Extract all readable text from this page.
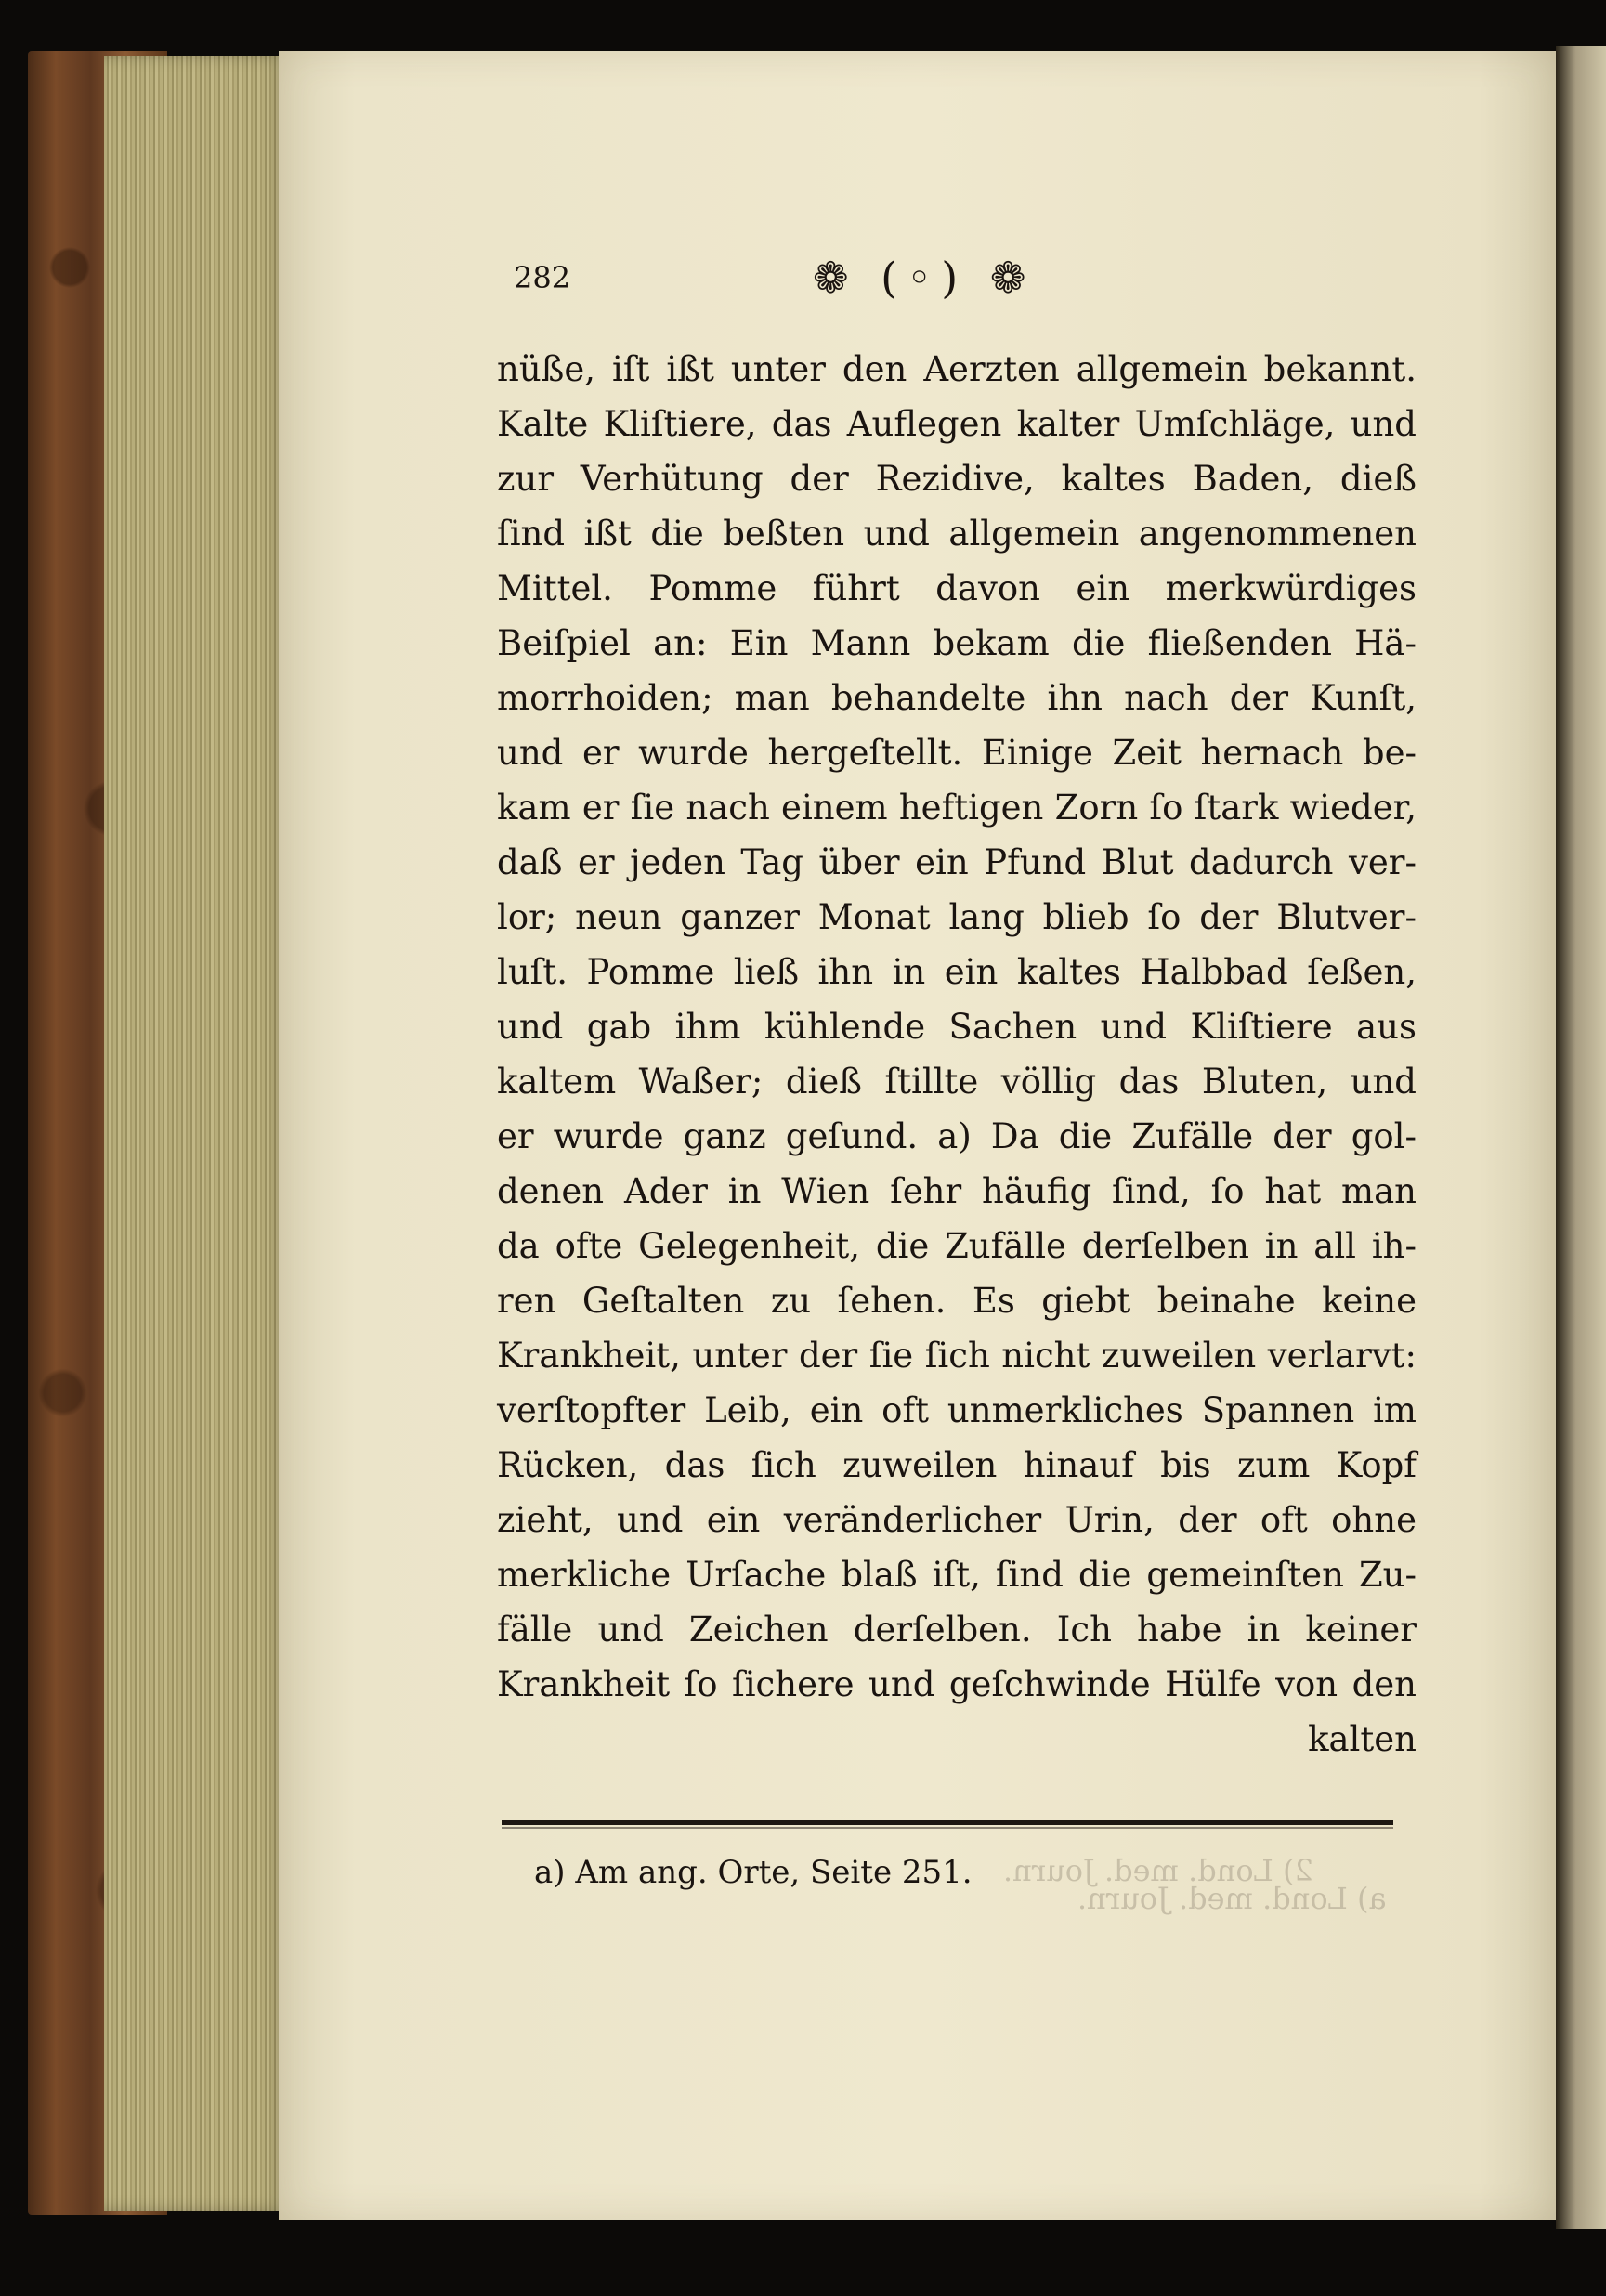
2) Lond. med. Journ.
a) Lond. med. Journ.
282	❁ (◦) ❁
nüße, iſt ißt unter den Aerzten allgemein bekannt.
Kalte Kliſtiere, das Auflegen kalter Umſchläge, und
zur Verhütung der Rezidive, kaltes Baden, dieß
ſind ißt die beßten und allgemein angenommenen
Mittel. Pomme führt davon ein merkwürdiges
Beiſpiel an: Ein Mann bekam die fließenden Hä-
morrhoiden; man behandelte ihn nach der Kunſt,
und er wurde hergeſtellt. Einige Zeit hernach be-
kam er ſie nach einem heftigen Zorn ſo ſtark wieder,
daß er jeden Tag über ein Pfund Blut dadurch ver-
lor; neun ganzer Monat lang blieb ſo der Blutver-
luſt. Pomme ließ ihn in ein kaltes Halbbad ſeßen,
und gab ihm kühlende Sachen und Kliſtiere aus
kaltem Waßer; dieß ſtillte völlig das Bluten, und
er wurde ganz geſund. a) Da die Zufälle der gol-
denen Ader in Wien ſehr häufig ſind, ſo hat man
da ofte Gelegenheit, die Zufälle derſelben in all ih-
ren Geſtalten zu ſehen. Es giebt beinahe keine
Krankheit, unter der ſie ſich nicht zuweilen verlarvt:
verſtopfter Leib, ein oft unmerkliches Spannen im
Rücken, das ſich zuweilen hinauf bis zum Kopf
zieht, und ein veränderlicher Urin, der oft ohne
merkliche Urſache blaß iſt, ſind die gemeinſten Zu-
fälle und Zeichen derſelben. Ich habe in keiner
Krankheit ſo ſichere und geſchwinde Hülfe von den
kalten
a) Am ang. Orte, Seite 251.
